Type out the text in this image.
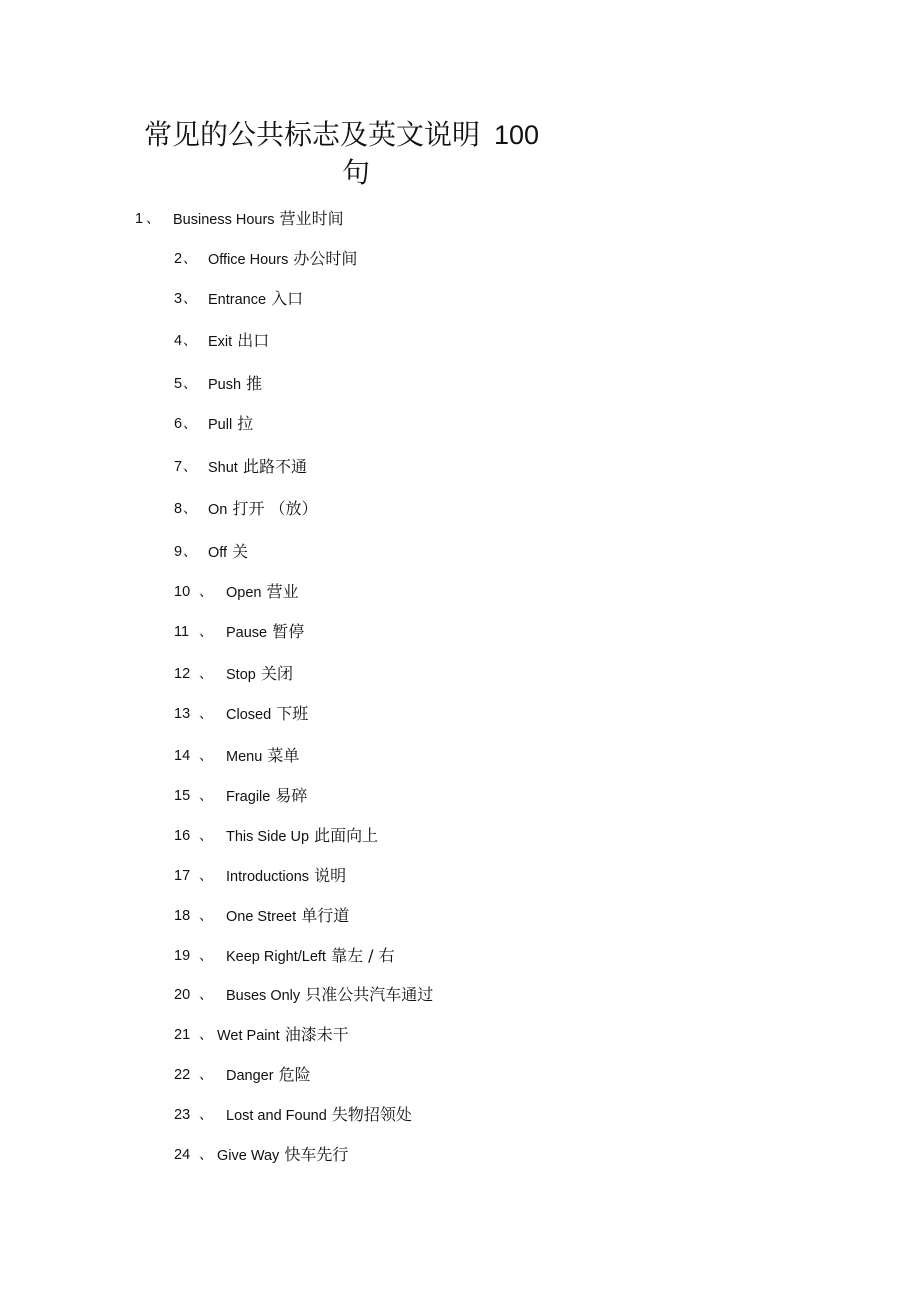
常见的公共标志及英文说明 100
句
1 、 Business Hours 营业时间
2 、 Office Hours 办公时间
3 、 Entrance 入口
4 、 Exit 出口
5 、 Push 推
6 、 Pull 拉
7 、 Shut 此路不通
8 、 On 打开 （放）
9 、 Off 关
10 、 Open 营业
11 、 Pause 暂停
12 、 Stop 关闭
13 、 Closed 下班
14 、 Menu 菜单
15 、 Fragile 易碎
16 、 This Side Up 此面向上
17 、 Introductions 说明
18 、 One Street 单行道
19 、 Keep Right/Left 靠左 / 右
20 、 Buses Only 只准公共汽车通过
21 、 Wet Paint 油漆未干
22 、 Danger 危险
23 、 Lost and Found 失物招领处
24 、 Give Way 快车先行
